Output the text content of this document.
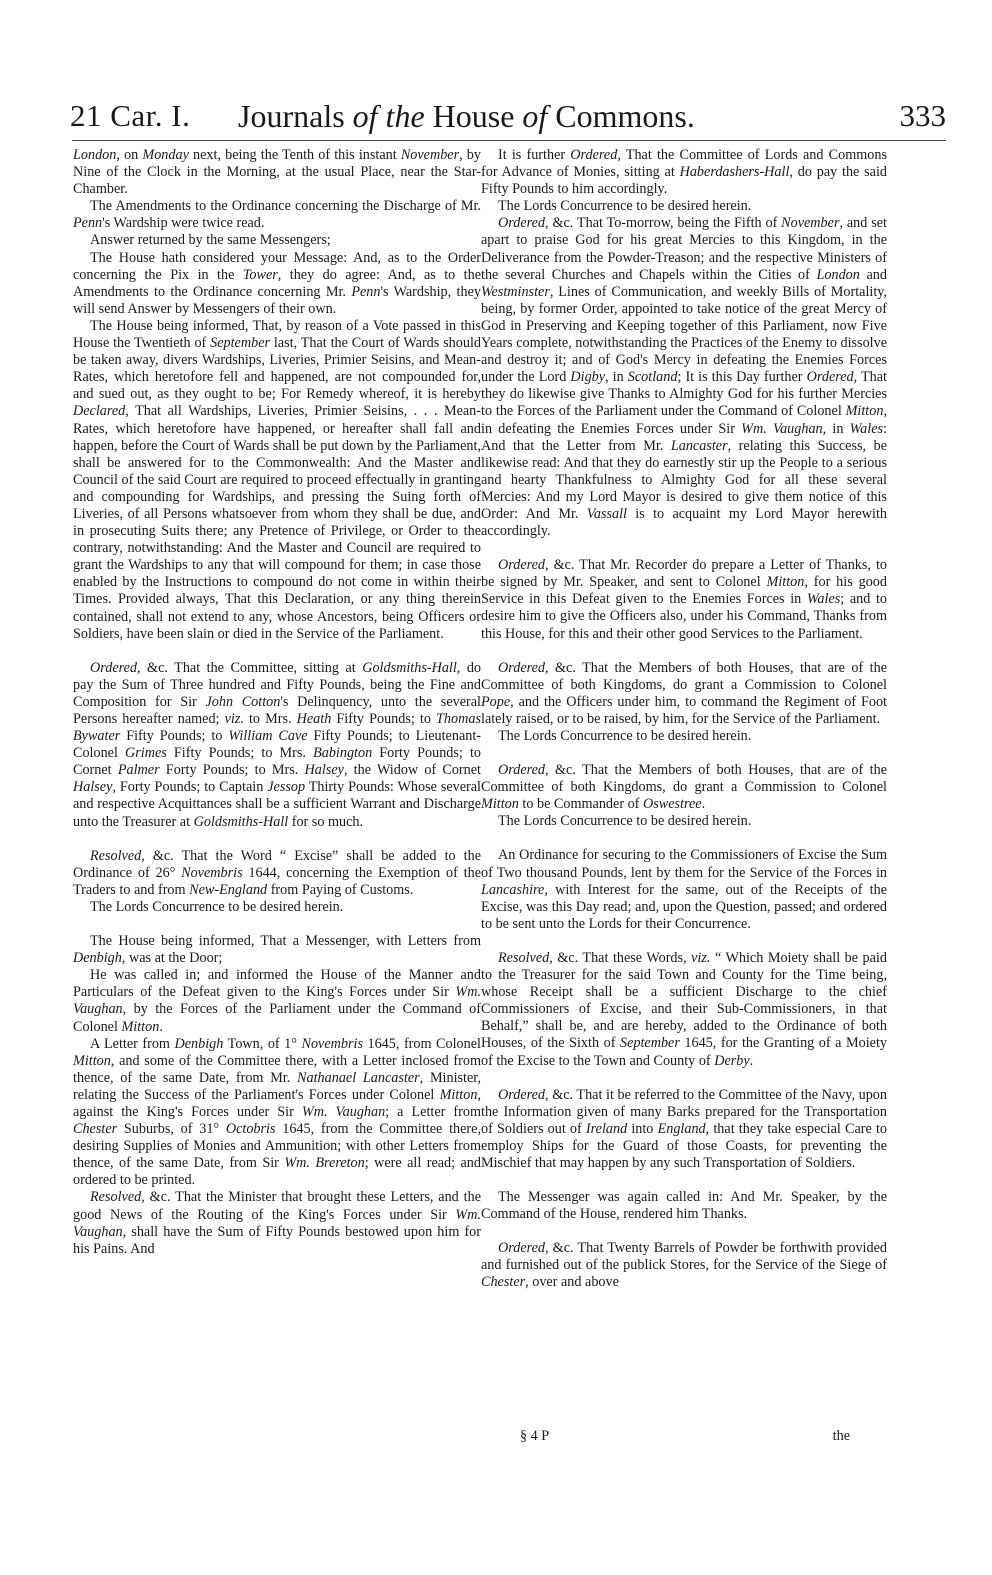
21 Car. I. Journals of the House of Commons.	333

London, on Monday next, being the Tenth of this instant November, by Nine of the Clock in the Morning, at the usual Place, near the Star-Chamber.

The Amendments to the Ordinance concerning the Discharge of Mr. Penn's Wardship were twice read.

Answer returned by the same Messengers;

The House hath considered your Message: And, as to the Order concerning the Pix in the Tower, they do agree: And, as to the Amendments to the Ordinance concerning Mr. Penn's Wardship, they will send Answer by Messengers of their own.

The House being informed, That, by reason of a Vote passed in this House the Twentieth of September last, That the Court of Wards should be taken away, divers Wardships, Liveries, Primier Seisins, and Mean-Rates, which heretofore fell and happened, are not compounded for, and sued out, as they ought to be; For Remedy whereof, it is hereby Declared, That all Wardships, Liveries, Primier Seisins, . . . Mean-Rates, which heretofore have happened, or hereafter shall fall and happen, before the Court of Wards shall be put down by the Parliament, shall be answered for to the Commonwealth: And the Master and Council of the said Court are required to proceed effectually in granting and compounding for Wardships, and pressing the Suing forth of Liveries, of all Persons whatsoever from whom they shall be due, and in prosecuting Suits there; any Pretence of Privilege, or Order to the contrary, notwithstanding: And the Master and Council are required to grant the Wardships to any that will compound for them; in case those enabled by the Instructions to compound do not come in within their Times. Provided always, That this Declaration, or any thing therein contained, shall not extend to any, whose Ancestors, being Officers or Soldiers, have been slain or died in the Service of the Parliament.

Ordered, &c. That the Committee, sitting at Goldsmiths-Hall, do pay the Sum of Three hundred and Fifty Pounds, being the Fine and Composition for Sir John Cotton's Delinquency, unto the several Persons hereafter named; viz. to Mrs. Heath Fifty Pounds; to Thomas Bywater Fifty Pounds; to William Cave Fifty Pounds; to Lieutenant-Colonel Grimes Fifty Pounds; to Mrs. Babington Forty Pounds; to Cornet Palmer Forty Pounds; to Mrs. Halsey, the Widow of Cornet Halsey, Forty Pounds; to Captain Jessop Thirty Pounds: Whose several and respective Acquittances shall be a sufficient Warrant and Discharge unto the Treasurer at Goldsmiths-Hall for so much.

Resolved, &c. That the Word “ Excise” shall be added to the Ordinance of 26° Novembris 1644, concerning the Exemption of the Traders to and from New-England from Paying of Customs.

The Lords Concurrence to be desired herein.

The House being informed, That a Messenger, with Letters from Denbigh, was at the Door;

He was called in; and informed the House of the Manner and Particulars of the Defeat given to the King's Forces under Sir Wm. Vaughan, by the Forces of the Parliament under the Command of Colonel Mitton.

A Letter from Denbigh Town, of 1° Novembris 1645, from Colonel Mitton, and some of the Committee there, with a Letter inclosed from thence, of the same Date, from Mr. Nathanael Lancaster, Minister, relating the Success of the Parliament's Forces under Colonel Mitton, against the King's Forces under Sir Wm. Vaughan; a Letter from Chester Suburbs, of 31° Octobris 1645, from the Committee there, desiring Supplies of Monies and Ammunition; with other Letters from thence, of the same Date, from Sir Wm. Brereton; were all read; and ordered to be printed.

Resolved, &c. That the Minister that brought these Letters, and the good News of the Routing of the King's Forces under Sir Wm. Vaughan, shall have the Sum of Fifty Pounds bestowed upon him for his Pains. And

It is further Ordered, That the Committee of Lords and Commons for Advance of Monies, sitting at Haberdashers-Hall, do pay the said Fifty Pounds to him accordingly.

The Lords Concurrence to be desired herein.

Ordered, &c. That To-morrow, being the Fifth of November, and set apart to praise God for his great Mercies to this Kingdom, in the Deliverance from the Powder-Treason; and the respective Ministers of the several Churches and Chapels within the Cities of London and Westminster, Lines of Communication, and weekly Bills of Mortality, being, by former Order, appointed to take notice of the great Mercy of God in Preserving and Keeping together of this Parliament, now Five Years complete, notwithstanding the Practices of the Enemy to dissolve and destroy it; and of God's Mercy in defeating the Enemies Forces under the Lord Digby, in Scotland; It is this Day further Ordered, That they do likewise give Thanks to Almighty God for his further Mercies to the Forces of the Parliament under the Command of Colonel Mitton, in defeating the Enemies Forces under Sir Wm. Vaughan, in Wales: And that the Letter from Mr. Lancaster, relating this Success, be likewise read: And that they do earnestly stir up the People to a serious and hearty Thankfulness to Almighty God for all these several Mercies: And my Lord Mayor is desired to give them notice of this Order: And Mr. Vassall is to acquaint my Lord Mayor herewith accordingly.

Ordered, &c. That Mr. Recorder do prepare a Letter of Thanks, to be signed by Mr. Speaker, and sent to Colonel Mitton, for his good Service in this Defeat given to the Enemies Forces in Wales; and to desire him to give the Officers also, under his Command, Thanks from this House, for this and their other good Services to the Parliament.

Ordered, &c. That the Members of both Houses, that are of the Committee of both Kingdoms, do grant a Commission to Colonel Pope, and the Officers under him, to command the Regiment of Foot lately raised, or to be raised, by him, for the Service of the Parliament.

The Lords Concurrence to be desired herein.

Ordered, &c. That the Members of both Houses, that are of the Committee of both Kingdoms, do grant a Commission to Colonel Mitton to be Commander of Oswestree.

The Lords Concurrence to be desired herein.

An Ordinance for securing to the Commissioners of Excise the Sum of Two thousand Pounds, lent by them for the Service of the Forces in Lancashire, with Interest for the same, out of the Receipts of the Excise, was this Day read; and, upon the Question, passed; and ordered to be sent unto the Lords for their Concurrence.

Resolved, &c. That these Words, viz. “ Which Moiety shall be paid to the Treasurer for the said Town and County for the Time being, whose Receipt shall be a sufficient Discharge to the chief Commissioners of Excise, and their Sub-Commissioners, in that Behalf,” shall be, and are hereby, added to the Ordinance of both Houses, of the Sixth of September 1645, for the Granting of a Moiety of the Excise to the Town and County of Derby.

Ordered, &c. That it be referred to the Committee of the Navy, upon the Information given of many Barks prepared for the Transportation of Soldiers out of Ireland into England, that they take especial Care to employ Ships for the Guard of those Coasts, for preventing the Mischief that may happen by any such Transportation of Soldiers.

The Messenger was again called in: And Mr. Speaker, by the Command of the House, rendered him Thanks.

Ordered, &c. That Twenty Barrels of Powder be forthwith provided and furnished out of the publick Stores, for the Service of the Siege of Chester, over and above

§ 4 P	the
